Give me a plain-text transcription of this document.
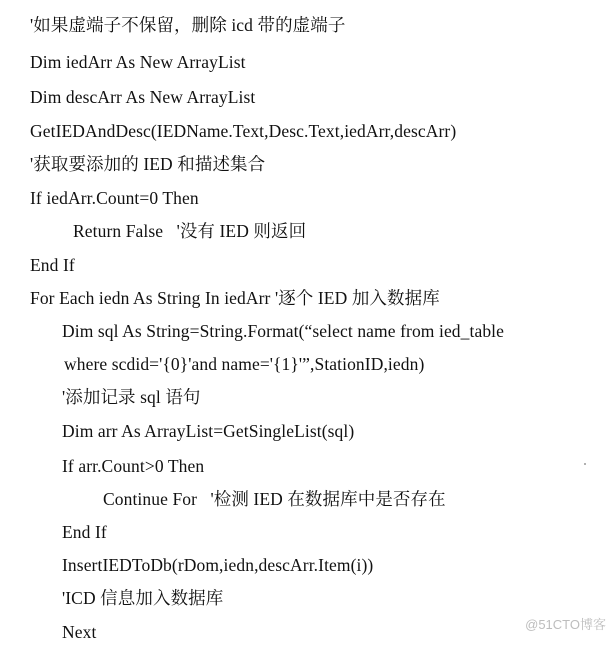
'如果虚端子不保留，删除 icd 带的虚端子
Dim iedArr As New ArrayList
Dim descArr As New ArrayList
GetIEDAndDesc(IEDName.Text,Desc.Text,iedArr,descArr)
'获取要添加的 IED 和描述集合
If iedArr.Count=0 Then
Return False   '没有 IED 则返回
End If
For Each iedn As String In iedArr '逐个 IED 加入数据库
Dim sql As String=String.Format(“select name from ied_table
where scdid='{0}'and name='{1}'”,StationID,iedn)
'添加记录 sql 语句
Dim arr As ArrayList=GetSingleList(sql)
If arr.Count>0 Then
Continue For   '检测 IED 在数据库中是否存在
End If
InsertIEDToDb(rDom,iedn,descArr.Item(i))
'ICD 信息加入数据库
Next	@51CTO博客
